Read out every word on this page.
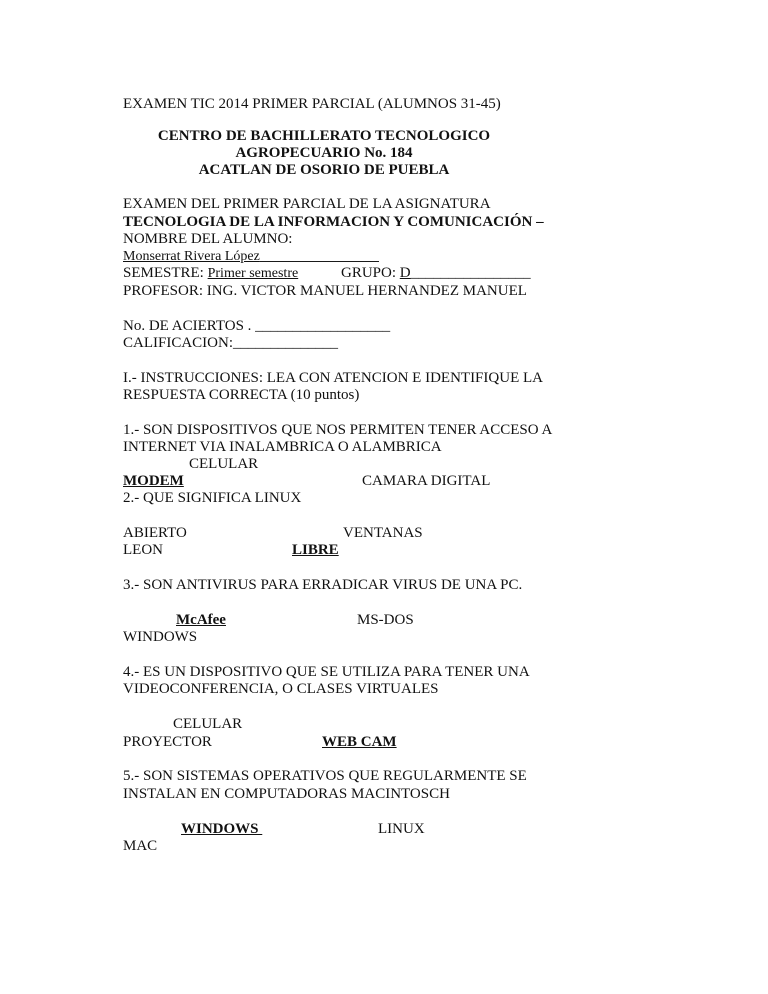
EXAMEN TIC 2014 PRIMER PARCIAL (ALUMNOS 31-45)
CENTRO DE BACHILLERATO TECNOLOGICO
AGROPECUARIO No. 184
ACATLAN DE OSORIO DE PUEBLA
EXAMEN DEL PRIMER PARCIAL DE LA ASIGNATURA
TECNOLOGIA DE LA INFORMACION Y COMUNICACIÓN –
NOMBRE DEL ALUMNO:
Monserrat Rivera López_________________
SEMESTRE: Primer semestre	GRUPO: D________________
PROFESOR: ING. VICTOR MANUEL HERNANDEZ MANUEL
No. DE ACIERTOS . __________________
CALIFICACION:______________
I.- INSTRUCCIONES: LEA CON ATENCION E IDENTIFIQUE LA
RESPUESTA CORRECTA (10 puntos)
1.- SON DISPOSITIVOS QUE NOS PERMITEN TENER ACCESO A
INTERNET VIA INALAMBRICA O ALAMBRICA
CELULAR
MODEM	CAMARA DIGITAL
2.- QUE SIGNIFICA LINUX
ABIERTO	VENTANAS
LEON	LIBRE
3.- SON ANTIVIRUS PARA ERRADICAR VIRUS DE UNA PC.
McAfee	MS-DOS
WINDOWS
4.- ES UN DISPOSITIVO QUE SE UTILIZA PARA TENER UNA
VIDEOCONFERENCIA, O CLASES VIRTUALES
CELULAR
PROYECTOR	WEB CAM
5.- SON SISTEMAS OPERATIVOS QUE REGULARMENTE SE
INSTALAN EN COMPUTADORAS MACINTOSCH
WINDOWS	LINUX
MAC
